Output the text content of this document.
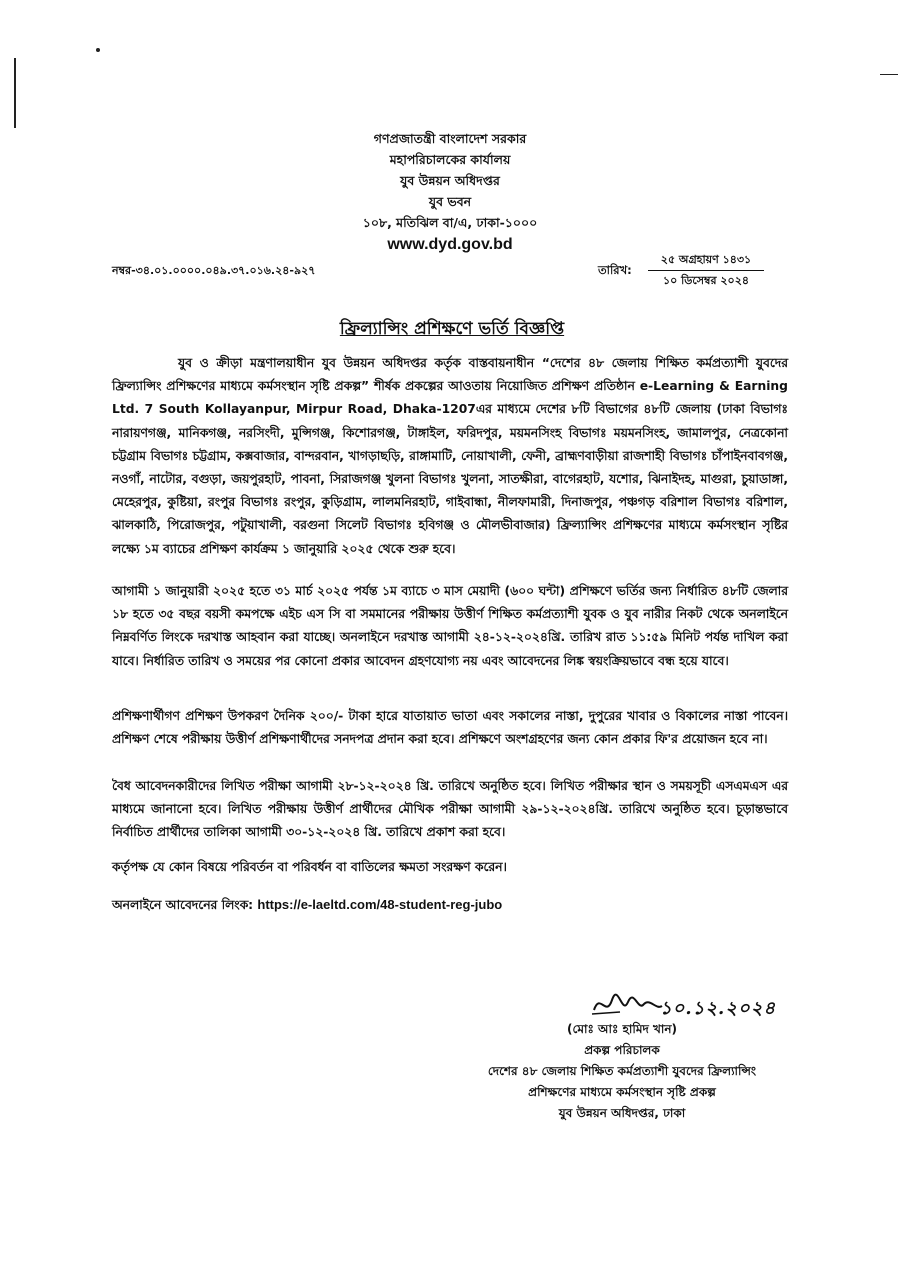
গণপ্রজাতন্ত্রী বাংলাদেশ সরকার
মহাপরিচালকের কার্যালয়
যুব উন্নয়ন অধিদপ্তর
যুব ভবন
১০৮, মতিঝিল বা/এ, ঢাকা-১০০০
www.dyd.gov.bd
নম্বর-৩৪.০১.০০০০.০৪৯.৩৭.০১৬.২৪-৯২৭	তারিখ:
২৫ অগ্রহায়ণ ১৪৩১
১০ ডিসেম্বর ২০২৪
ফ্রিল্যান্সিং প্রশিক্ষণে ভর্তি বিজ্ঞপ্তি
যুব ও ক্রীড়া মন্ত্রণালয়াধীন যুব উন্নয়ন অধিদপ্তর কর্তৃক বাস্তবায়নাধীন “দেশের ৪৮ জেলায় শিক্ষিত কর্মপ্রত্যাশী যুবদের ফ্রিল্যান্সিং প্রশিক্ষণের মাধ্যমে কর্মসংস্থান সৃষ্টি প্রকল্প” শীর্ষক প্রকল্পের আওতায় নিয়োজিত প্রশিক্ষণ প্রতিষ্ঠান e-Learning & Earning Ltd. 7 South Kollayanpur, Mirpur Road, Dhaka-1207এর মাধ্যমে দেশের ৮টি বিভাগের ৪৮টি জেলায় (ঢাকা বিভাগঃ নারায়ণগঞ্জ, মানিকগঞ্জ, নরসিংদী, মুন্সিগঞ্জ, কিশোরগঞ্জ, টাঙ্গাইল, ফরিদপুর, ময়মনসিংহ বিভাগঃ ময়মনসিংহ, জামালপুর, নেত্রকোনা চট্টগ্রাম বিভাগঃ চট্টগ্রাম, কক্সবাজার, বান্দরবান, খাগড়াছড়ি, রাঙ্গামাটি, নোয়াখালী, ফেনী, ব্রাহ্মণবাড়ীয়া রাজশাহী বিভাগঃ চাঁপাইনবাবগঞ্জ, নওগাঁ, নাটোর, বগুড়া, জয়পুরহাট, পাবনা, সিরাজগঞ্জ খুলনা বিভাগঃ খুলনা, সাতক্ষীরা, বাগেরহাট, যশোর, ঝিনাইদহ, মাগুরা, চুয়াডাঙ্গা, মেহেরপুর, কুষ্টিয়া, রংপুর বিভাগঃ রংপুর, কুড়িগ্রাম, লালমনিরহাট, গাইবান্ধা, নীলফামারী, দিনাজপুর, পঞ্চগড় বরিশাল বিভাগঃ বরিশাল, ঝালকাঠি, পিরোজপুর, পটুয়াখালী, বরগুনা সিলেট বিভাগঃ হবিগঞ্জ ও মৌলভীবাজার) ফ্রিল্যান্সিং প্রশিক্ষণের মাধ্যমে কর্মসংস্থান সৃষ্টির লক্ষ্যে ১ম ব্যাচের প্রশিক্ষণ কার্যক্রম ১ জানুয়ারি ২০২৫ থেকে শুরু হবে।
আগামী ১ জানুয়ারী ২০২৫ হতে ৩১ মার্চ ২০২৫ পর্যন্ত ১ম ব্যাচে ৩ মাস মেয়াদী (৬০০ ঘন্টা) প্রশিক্ষণে ভর্তির জন্য নির্ধারিত ৪৮টি জেলার ১৮ হতে ৩৫ বছর বয়সী কমপক্ষে এইচ এস সি বা সমমানের পরীক্ষায় উত্তীর্ণ শিক্ষিত কর্মপ্রত্যাশী যুবক ও যুব নারীর নিকট থেকে অনলাইনে নিম্নবর্ণিত লিংকে দরখাস্ত আহবান করা যাচ্ছে। অনলাইনে দরখাস্ত আগামী ২৪-১২-২০২৪খ্রি. তারিখ রাত ১১:৫৯ মিনিট পর্যন্ত দাখিল করা যাবে। নির্ধারিত তারিখ ও সময়ের পর কোনো প্রকার আবেদন গ্রহণযোগ্য নয় এবং আবেদনের লিঙ্ক স্বয়ংক্রিয়ভাবে বন্ধ হয়ে যাবে।
প্রশিক্ষণার্থীগণ প্রশিক্ষণ উপকরণ দৈনিক ২০০/- টাকা হারে যাতায়াত ভাতা এবং সকালের নাস্তা, দুপুরের খাবার ও বিকালের নাস্তা পাবেন। প্রশিক্ষণ শেষে পরীক্ষায় উত্তীর্ণ প্রশিক্ষণার্থীদের সনদপত্র প্রদান করা হবে। প্রশিক্ষণে অংশগ্রহণের জন্য কোন প্রকার ফি'র প্রয়োজন হবে না।
বৈধ আবেদনকারীদের লিখিত পরীক্ষা আগামী ২৮-১২-২০২৪ খ্রি. তারিখে অনুষ্ঠিত হবে। লিখিত পরীক্ষার স্থান ও সময়সূচী এসএমএস এর মাধ্যমে জানানো হবে। লিখিত পরীক্ষায় উত্তীর্ণ প্রার্থীদের মৌখিক পরীক্ষা আগামী ২৯-১২-২০২৪খ্রি. তারিখে অনুষ্ঠিত হবে। চূড়ান্তভাবে নির্বাচিত প্রার্থীদের তালিকা আগামী ৩০-১২-২০২৪ খ্রি. তারিখে প্রকাশ করা হবে।
কর্তৃপক্ষ যে কোন বিষয়ে পরিবর্তন বা পরিবর্ধন বা বাতিলের ক্ষমতা সংরক্ষণ করেন।
অনলাইনে আবেদনের লিংক: https://e-laeltd.com/48-student-reg-jubo
১০.১২.২০২৪
(মোঃ আঃ হামিদ খান)
প্রকল্প পরিচালক
দেশের ৪৮ জেলায় শিক্ষিত কর্মপ্রত্যাশী যুবদের ফ্রিল্যান্সিং
প্রশিক্ষণের মাধ্যমে কর্মসংস্থান সৃষ্টি প্রকল্প
যুব উন্নয়ন অধিদপ্তর, ঢাকা
